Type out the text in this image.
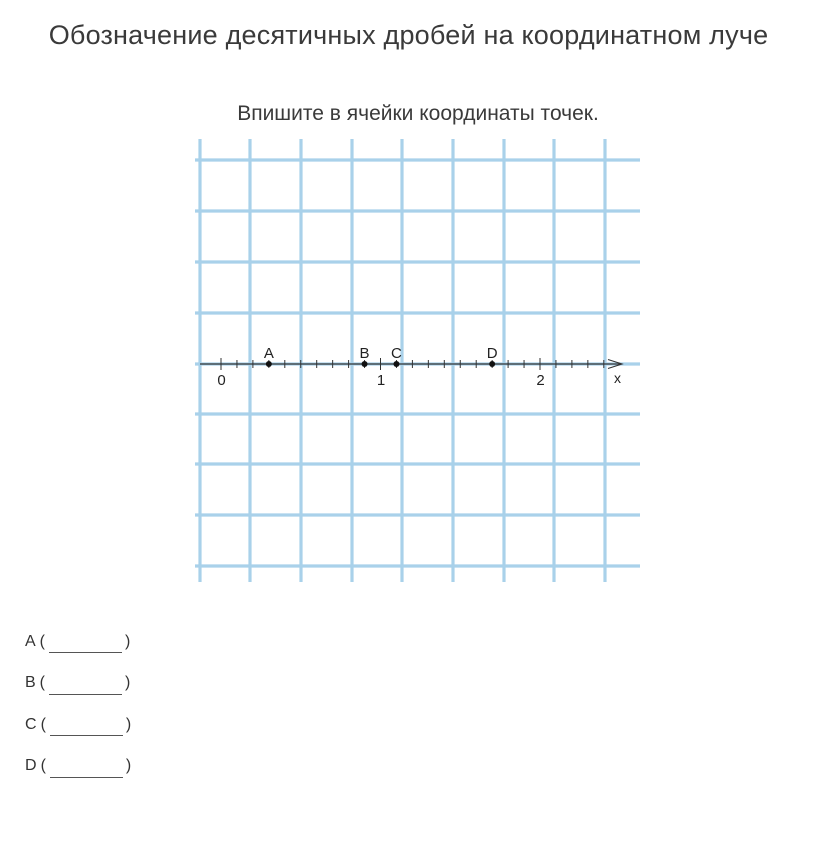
Обозначение десятичных дробей на координатном луче

Впишите в ячейки координаты точек.

0	1	2	x
A	B C	D
A (	)
B (	)
C (	)
D (	)
